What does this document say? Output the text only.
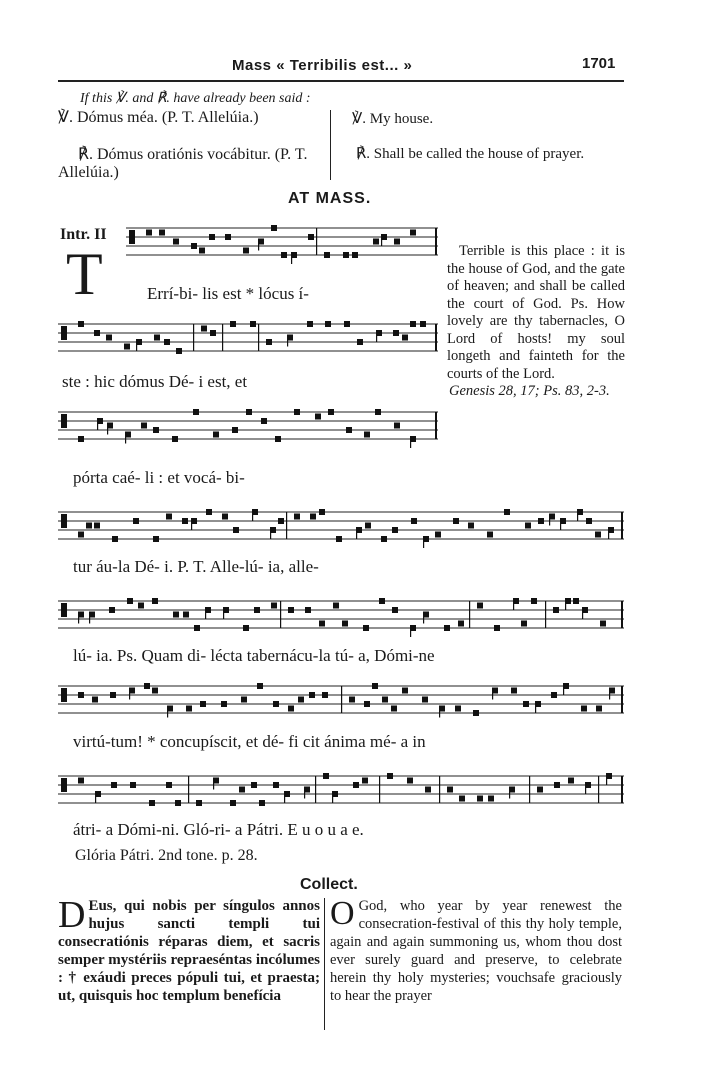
Mass « Terribilis est... »	1701
If this ℣. and ℟. have already been said :
℣. Dómus méa. (P. T. Allelúia.)
℟. Dómus oratiónis vocábitur. (P. T. Allelúia.)
℣. My house.
℟. Shall be called the house of prayer.
AT MASS.
Intr. II
T	Terrible is this place : it is the house of God, and the gate of heaven; and shall be called the court of God. Ps. How lovely are thy tabernacles, O Lord of hosts! my soul longeth and fainteth for the courts of the Lord.
Genesis 28, 17; Ps. 83, 2-3.
Errí-bi- lis est * lócus í-
ste : hic dómus Dé- i est, et
pórta caé- li : et vocá- bi-
tur áu-la Dé- i. P. T. Alle-lú- ia, alle-
lú- ia. Ps. Quam di- lécta tabernácu-la tú- a, Dómi-ne
virtú-tum! * concupíscit, et dé- fi cit ánima mé- a in
átri- a Dómi-ni. Gló-ri- a Pátri. E u o u a e.
Glória Pátri. 2nd tone. p. 28.
Collect.
D Eus, qui nobis per síngulos annos hujus sancti templi tui consecratiónis réparas diem, et sacris semper mystériis repraeséntas incólumes : † exáudi preces pópuli tui, et praesta; ut, quisquis hoc templum benefícia
O God, who year by year renewest the consecration-festival of this thy holy temple, again and again summoning us, whom thou dost ever surely guard and preserve, to celebrate herein thy holy mysteries; vouchsafe graciously to hear the prayer
